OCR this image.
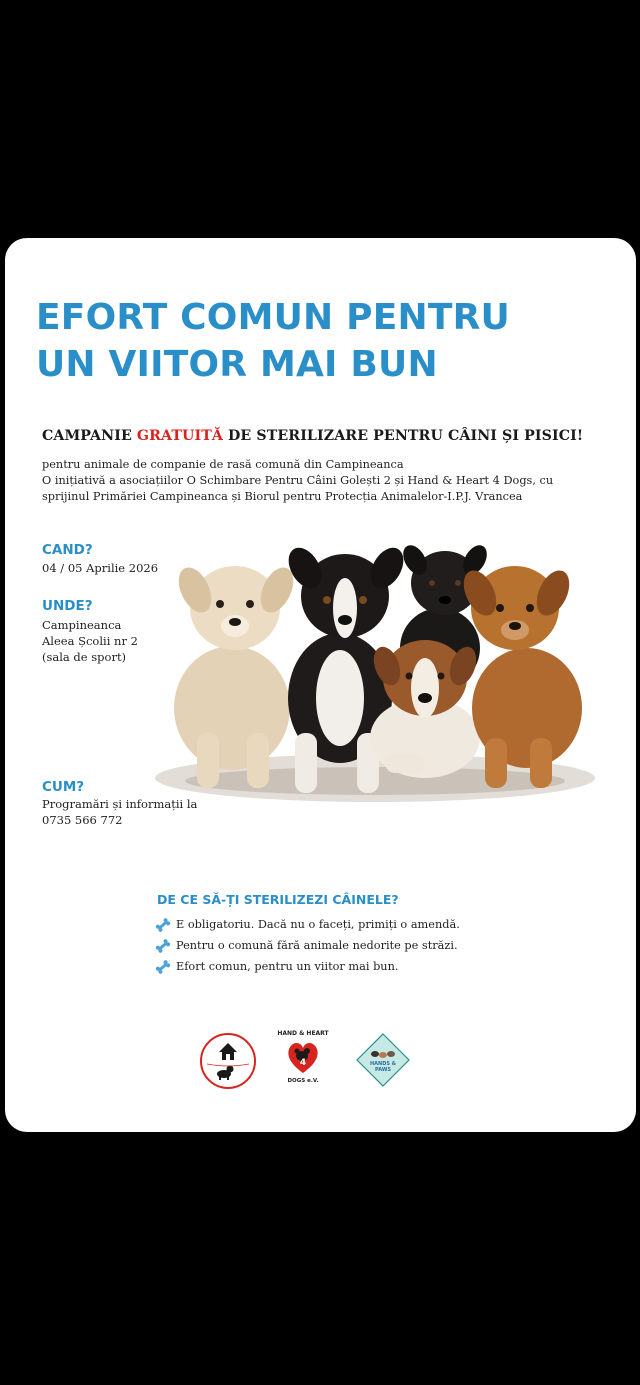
EFORT COMUN PENTRU
UN VIITOR MAI BUN
CAMPANIE GRATUITĂ DE STERILIZARE PENTRU CÂINI ȘI PISICI!
pentru animale de companie de rasă comună din Campineanca
O inițiativă a asociațiilor O Schimbare Pentru Câini Golești 2 și Hand & Heart 4 Dogs, cu
sprijinul Primăriei Campineanca și Biorul pentru Protecția Animalelor-I.P.J. Vrancea
CAND?
04 / 05 Aprilie 2026
UNDE?
Campineanca
Aleea Școlii nr 2
(sala de sport)
CUM?
Programări și informații la
0735 566 772
DE CE SĂ-ȚI STERILIZEZI CÂINELE?
E obligatoriu. Dacă nu o faceți, primiți o amendă.
Pentru o comună fără animale nedorite pe străzi.
Efort comun, pentru un viitor mai bun.
HAND & HEART
4
DOGS e.V.
HANDS & PAWS
